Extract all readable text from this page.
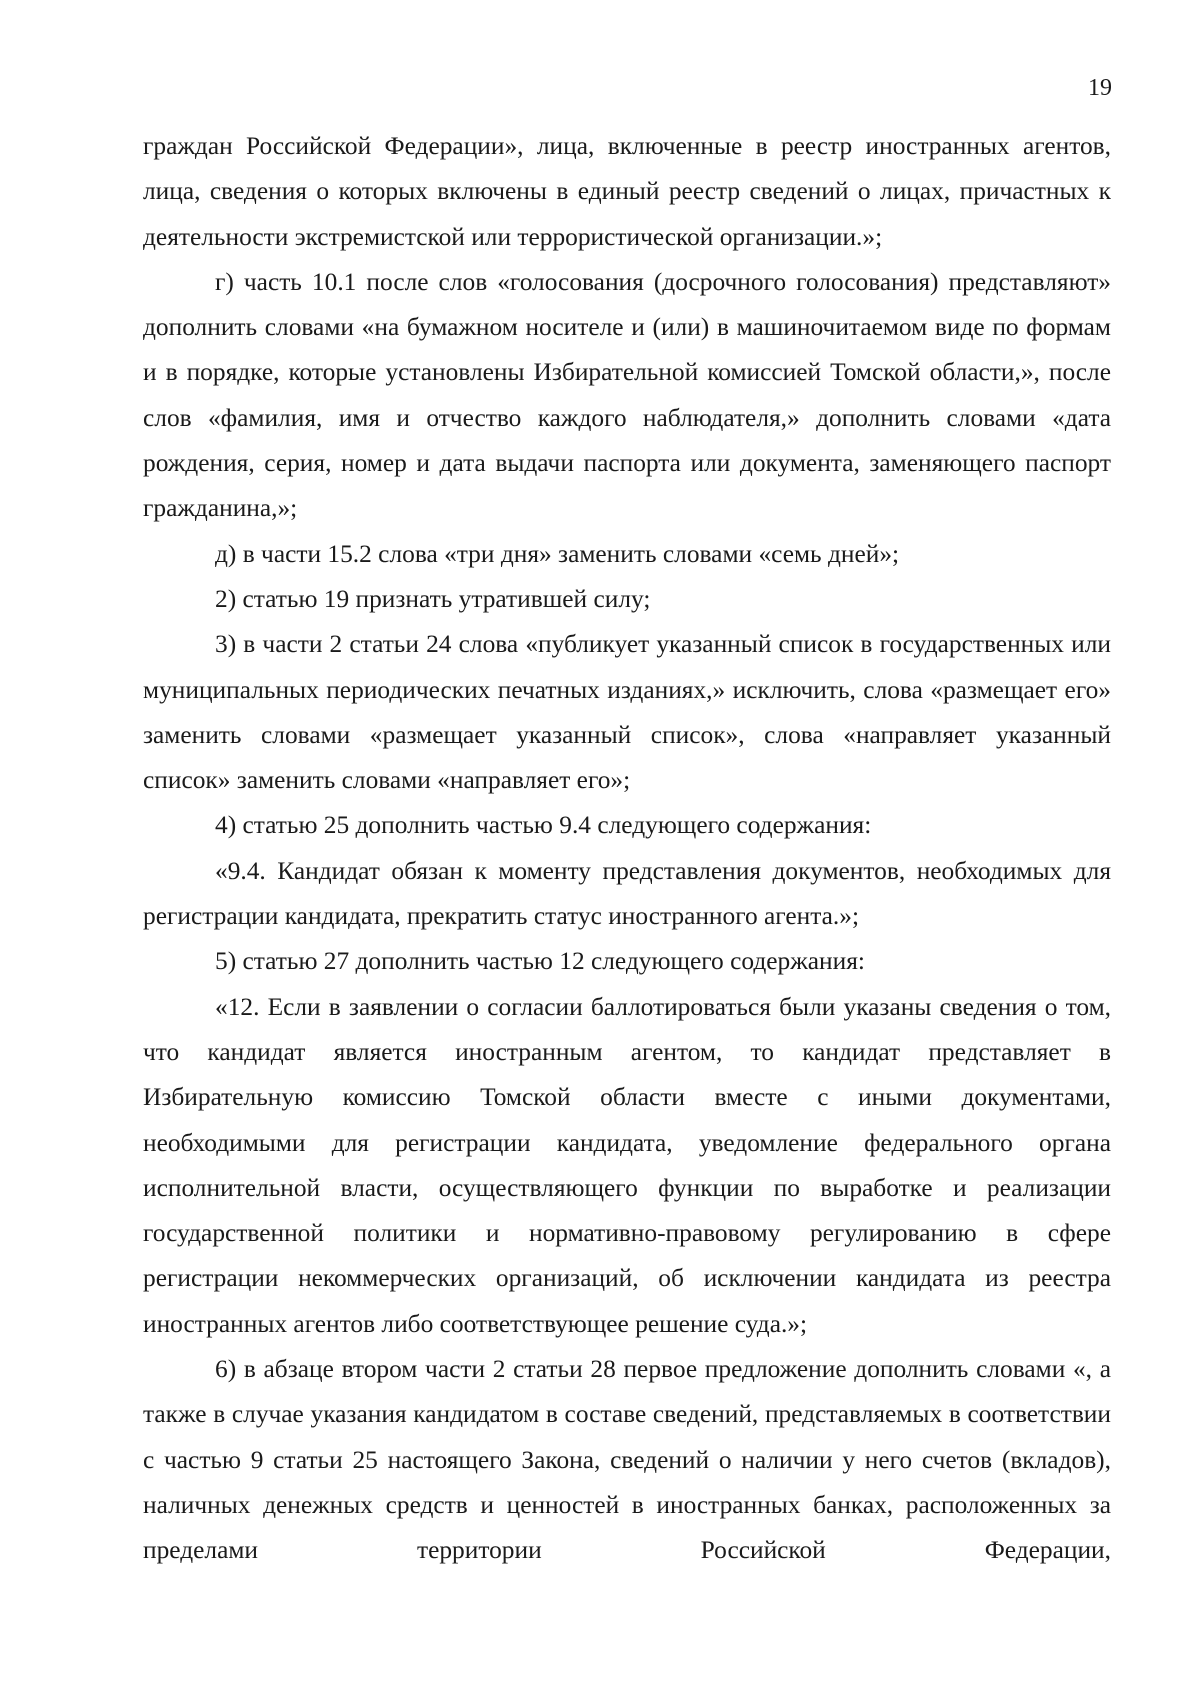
19

граждан Российской Федерации», лица, включенные в реестр иностранных агентов, лица, сведения о которых включены в единый реестр сведений о лицах, причастных к деятельности экстремистской или террористической организации.»;

г) часть 10.1 после слов «голосования (досрочного голосования) представляют» дополнить словами «на бумажном носителе и (или) в машиночитаемом виде по формам и в порядке, которые установлены Избирательной комиссией Томской области,», после слов «фамилия, имя и отчество каждого наблюдателя,» дополнить словами «дата рождения, серия, номер и дата выдачи паспорта или документа, заменяющего паспорт гражданина,»;

д) в части 15.2 слова «три дня» заменить словами «семь дней»;

2) статью 19 признать утратившей силу;

3) в части 2 статьи 24 слова «публикует указанный список в государственных или муниципальных периодических печатных изданиях,» исключить, слова «размещает его» заменить словами «размещает указанный список», слова «направляет указанный список» заменить словами «направляет его»;

4) статью 25 дополнить частью 9.4 следующего содержания:

«9.4. Кандидат обязан к моменту представления документов, необходимых для регистрации кандидата, прекратить статус иностранного агента.»;

5) статью 27 дополнить частью 12 следующего содержания:

«12. Если в заявлении о согласии баллотироваться были указаны сведения о том, что кандидат является иностранным агентом, то кандидат представляет в Избирательную комиссию Томской области вместе с иными документами, необходимыми для регистрации кандидата, уведомление федерального органа исполнительной власти, осуществляющего функции по выработке и реализации государственной политики и нормативно-правовому регулированию в сфере регистрации некоммерческих организаций, об исключении кандидата из реестра иностранных агентов либо соответствующее решение суда.»;

6) в абзаце втором части 2 статьи 28 первое предложение дополнить словами «, а также в случае указания кандидатом в составе сведений, представляемых в соответствии с частью 9 статьи 25 настоящего Закона, сведений о наличии у него счетов (вкладов), наличных денежных средств и ценностей в иностранных банках, расположенных за пределами территории Российской Федерации,
